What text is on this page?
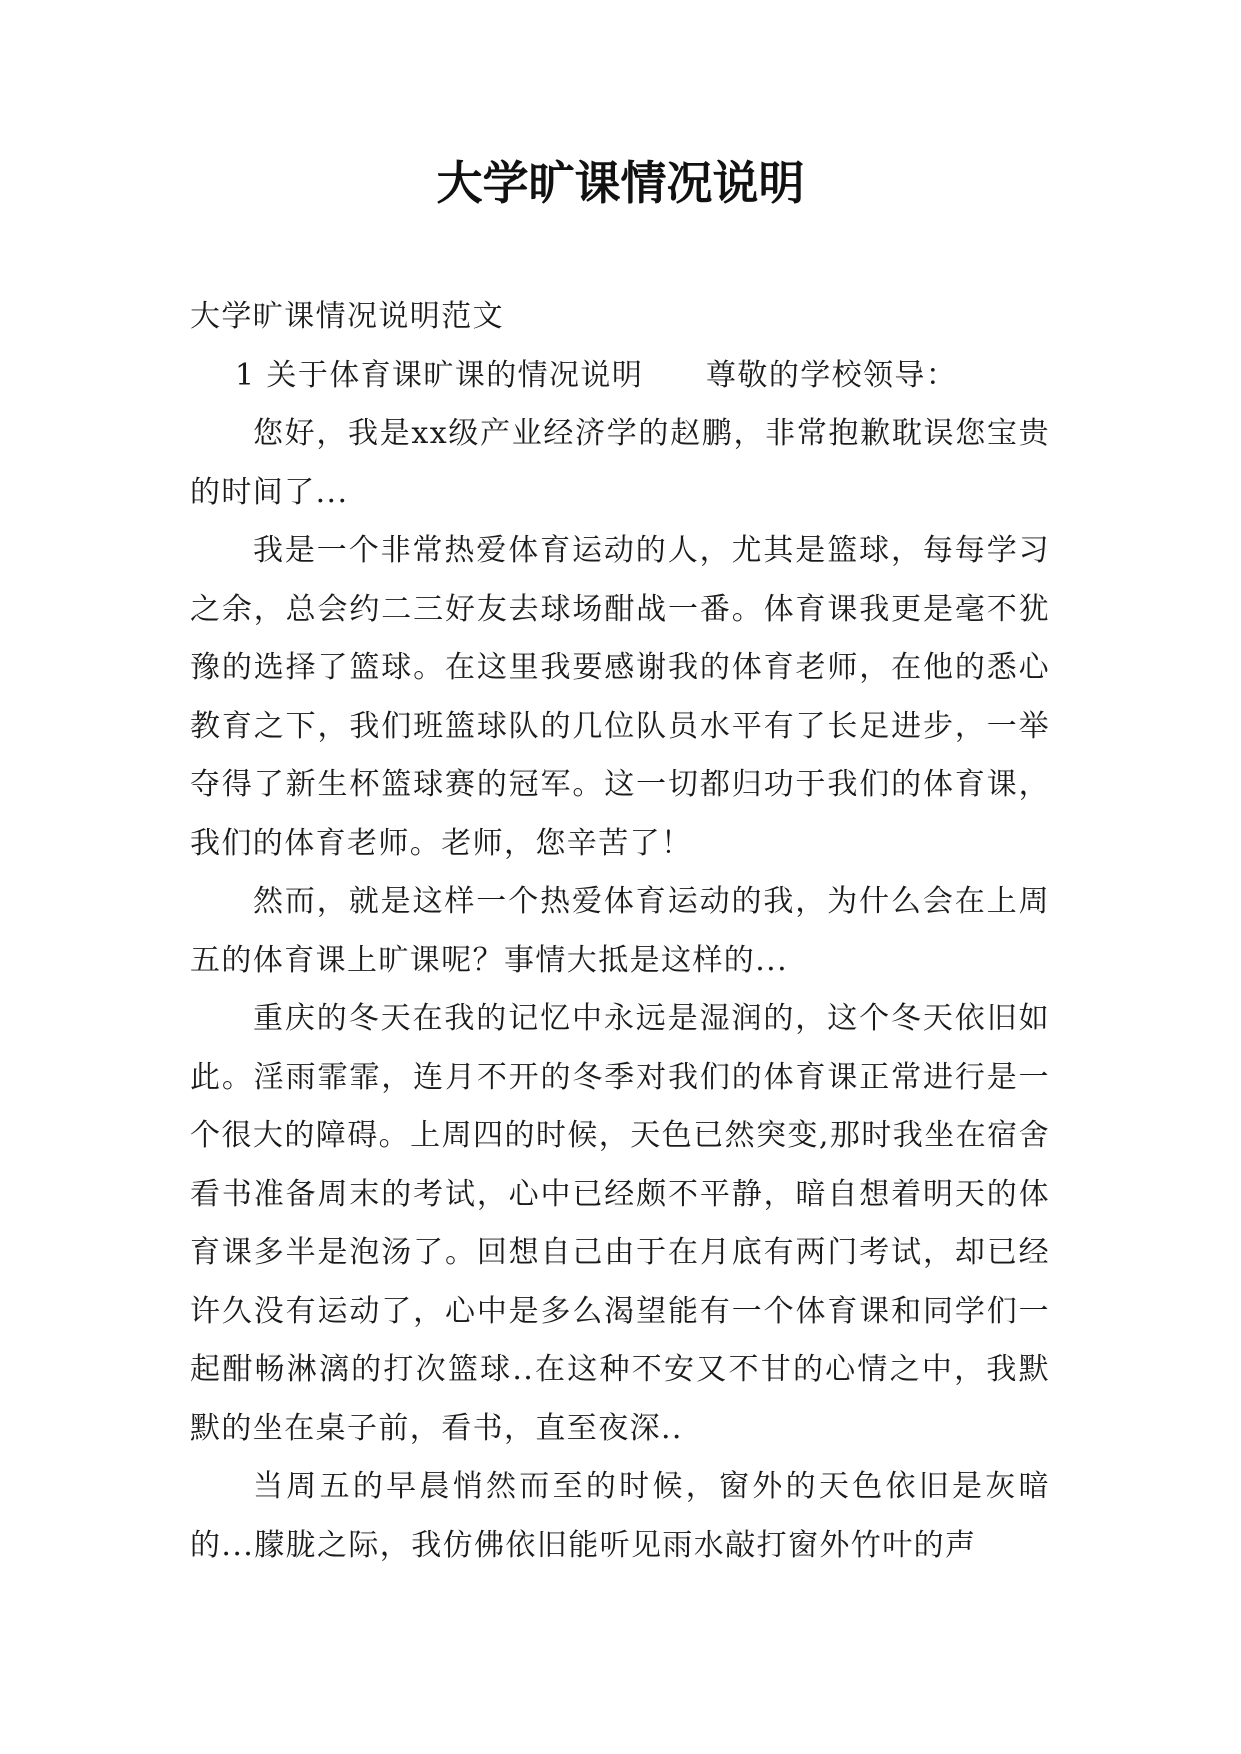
大学旷课情况说明

大学旷课情况说明范文

1 关于体育课旷课的情况说明　　尊敬的学校领导：

您好，我是xx级产业经济学的赵鹏，非常抱歉耽误您宝贵的时间了...

我是一个非常热爱体育运动的人，尤其是篮球，每每学习之余，总会约二三好友去球场酣战一番。体育课我更是毫不犹豫的选择了篮球。在这里我要感谢我的体育老师，在他的悉心教育之下，我们班篮球队的几位队员水平有了长足进步，一举夺得了新生杯篮球赛的冠军。这一切都归功于我们的体育课，我们的体育老师。老师，您辛苦了！

然而，就是这样一个热爱体育运动的我，为什么会在上周五的体育课上旷课呢？事情大抵是这样的...

重庆的冬天在我的记忆中永远是湿润的，这个冬天依旧如此。淫雨霏霏，连月不开的冬季对我们的体育课正常进行是一个很大的障碍。上周四的时候，天色已然突变,那时我坐在宿舍看书准备周末的考试，心中已经颇不平静，暗自想着明天的体育课多半是泡汤了。回想自己由于在月底有两门考试，却已经许久没有运动了，心中是多么渴望能有一个体育课和同学们一起酣畅淋漓的打次篮球..在这种不安又不甘的心情之中，我默默的坐在桌子前，看书，直至夜深..

当周五的早晨悄然而至的时候，窗外的天色依旧是灰暗的...朦胧之际，我仿佛依旧能听见雨水敲打窗外竹叶的声
